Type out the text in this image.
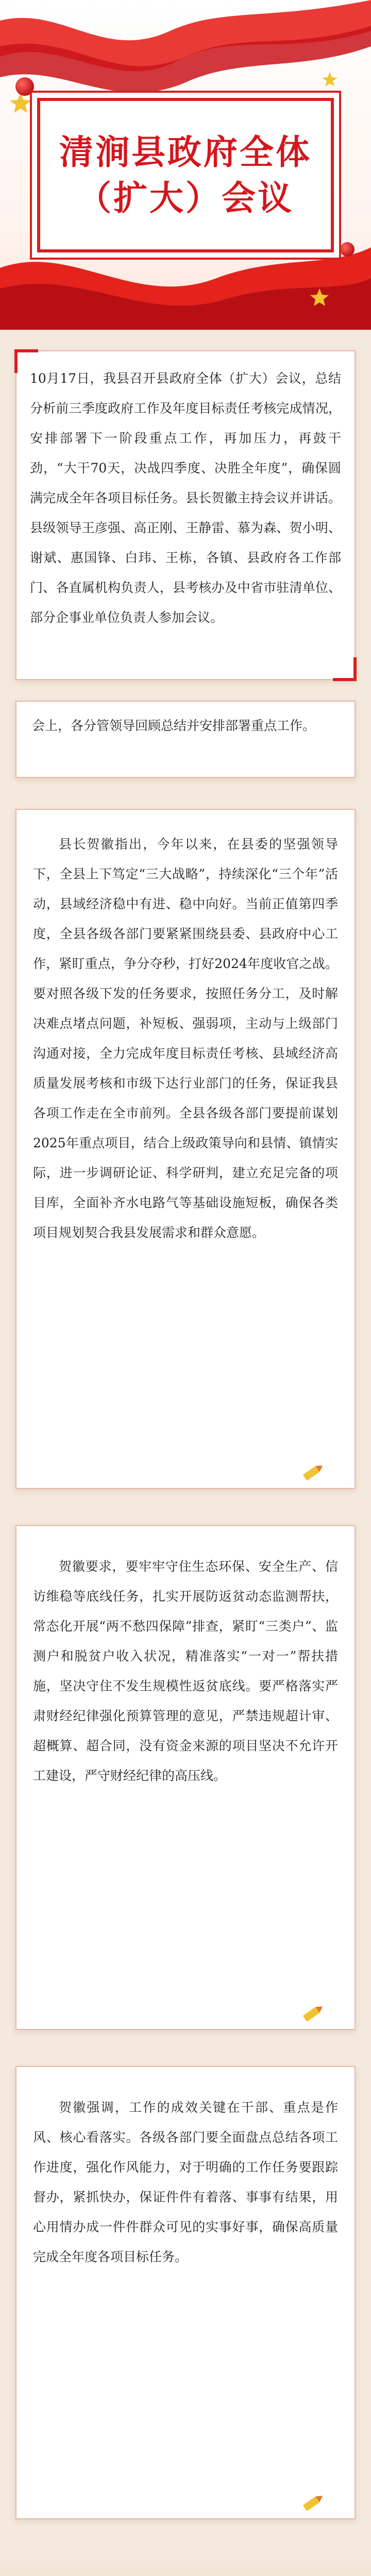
清涧县政府全体
（扩大）会议

10月17日，我县召开县政府全体（扩大）会议，总结分析前三季度政府工作及年度目标责任考核完成情况，安排部署下一阶段重点工作，再加压力，再鼓干劲，“大干70天，决战四季度、决胜全年度”，确保圆满完成全年各项目标任务。县长贺徽主持会议并讲话。县级领导王彦强、高正刚、王静雷、慕为森、贺小明、谢斌、惠国锋、白玮、王栋，各镇、县政府各工作部门、各直属机构负责人，县考核办及中省市驻清单位、部分企事业单位负责人参加会议。

会上，各分管领导回顾总结并安排部署重点工作。

县长贺徽指出，今年以来，在县委的坚强领导下，全县上下笃定“三大战略”，持续深化“三个年”活动，县域经济稳中有进、稳中向好。当前正值第四季度，全县各级各部门要紧紧围绕县委、县政府中心工作，紧盯重点，争分夺秒，打好2024年度收官之战。要对照各级下发的任务要求，按照任务分工，及时解决难点堵点问题，补短板、强弱项，主动与上级部门沟通对接，全力完成年度目标责任考核、县域经济高质量发展考核和市级下达行业部门的任务，保证我县各项工作走在全市前列。全县各级各部门要提前谋划2025年重点项目，结合上级政策导向和县情、镇情实际，进一步调研论证、科学研判，建立充足完备的项目库，全面补齐水电路气等基础设施短板，确保各类项目规划契合我县发展需求和群众意愿。

贺徽要求，要牢牢守住生态环保、安全生产、信访维稳等底线任务，扎实开展防返贫动态监测帮扶，常态化开展“两不愁四保障”排查，紧盯“三类户”、监测户和脱贫户收入状况，精准落实“一对一”帮扶措施，坚决守住不发生规模性返贫底线。要严格落实严肃财经纪律强化预算管理的意见，严禁违规超计审、超概算、超合同，没有资金来源的项目坚决不允许开工建设，严守财经纪律的高压线。

贺徽强调，工作的成效关键在干部、重点是作风、核心看落实。各级各部门要全面盘点总结各项工作进度，强化作风能力，对于明确的工作任务要跟踪督办，紧抓快办，保证件件有着落、事事有结果，用心用情办成一件件群众可见的实事好事，确保高质量完成全年度各项目标任务。
